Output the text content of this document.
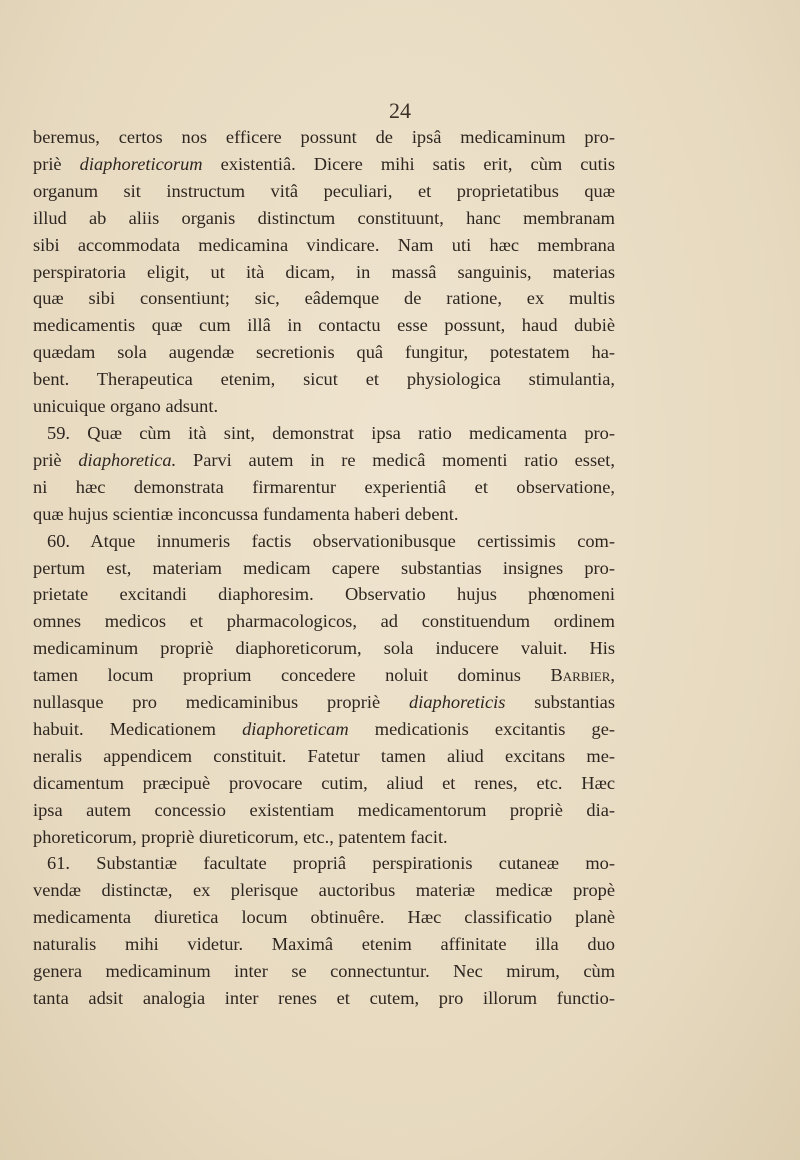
24
beremus, certos nos efficere possunt de ipsâ medicaminum pro-
priè diaphoreticorum existentiâ. Dicere mihi satis erit, cùm cutis
organum sit instructum vitâ peculiari, et proprietatibus quæ
illud ab aliis organis distinctum constituunt, hanc membranam
sibi accommodata medicamina vindicare. Nam uti hæc membrana
perspiratoria eligit, ut ità dicam, in massâ sanguinis, materias
quæ sibi consentiunt; sic, eâdemque de ratione, ex multis
medicamentis quæ cum illâ in contactu esse possunt, haud dubiè
quædam sola augendæ secretionis quâ fungitur, potestatem ha-
bent. Therapeutica etenim, sicut et physiologica stimulantia,
unicuique organo adsunt.
59. Quæ cùm ità sint, demonstrat ipsa ratio medicamenta pro-
priè diaphoretica. Parvi autem in re medicâ momenti ratio esset,
ni hæc demonstrata firmarentur experientiâ et observatione,
quæ hujus scientiæ inconcussa fundamenta haberi debent.
60. Atque innumeris factis observationibusque certissimis com-
pertum est, materiam medicam capere substantias insignes pro-
prietate excitandi diaphoresim. Observatio hujus phœnomeni
omnes medicos et pharmacologicos, ad constituendum ordinem
medicaminum propriè diaphoreticorum, sola inducere valuit. His
tamen locum proprium concedere noluit dominus Barbier,
nullasque pro medicaminibus propriè diaphoreticis substantias
habuit. Medicationem diaphoreticam medicationis excitantis ge-
neralis appendicem constituit. Fatetur tamen aliud excitans me-
dicamentum præcipuè provocare cutim, aliud et renes, etc. Hæc
ipsa autem concessio existentiam medicamentorum propriè dia-
phoreticorum, propriè diureticorum, etc., patentem facit.
61. Substantiæ facultate propriâ perspirationis cutaneæ mo-
vendæ distinctæ, ex plerisque auctoribus materiæ medicæ propè
medicamenta diuretica locum obtinuêre. Hæc classificatio planè
naturalis mihi videtur. Maximâ etenim affinitate illa duo
genera medicaminum inter se connectuntur. Nec mirum, cùm
tanta adsit analogia inter renes et cutem, pro illorum functio-
